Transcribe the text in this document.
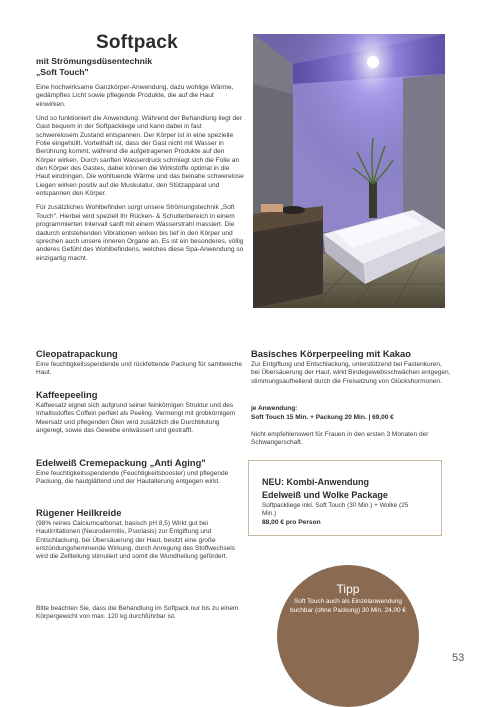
Softpack
mit Strömungsdüsentechnik
„Soft Touch"

Eine hochwirksame Ganzkörper-Anwendung, dazu wohlige Wärme, gedämpftes Licht sowie pflegende Produkte, die auf die Haut einwirken.

Und so funktioniert die Anwendung: Während der Behandlung liegt der Gast bequem in der Softpackliege und kann dabei in fast schwerelosem Zustand entspannen. Der Körper ist in eine spezielle Folie eingehüllt. Vorteilhaft ist, dass der Gast nicht mit Wasser in Berührung kommt, während die aufgetragenen Produkte auf den Körper wirken. Durch sanften Wasserdruck schmiegt sich die Folie an den Körper des Gastes, dabei können die Wirkstoffe optimal in die Haut eindringen. Die wohltuende Wärme und das beinahe schwerelose Liegen wirken positiv auf die Muskulatur, den Stützapparat und entspannen den Körper.

Für zusätzliches Wohlbefinden sorgt unsere Strömungstechnik „Soft Touch". Hierbei wird speziell Ihr Rücken- & Schulterbereich in einem programmierten Intervall sanft mit einem Wasserstrahl massiert. Die dadurch entstehenden Vibrationen wirken bis tief in den Körper und sprechen auch unsere inneren Organe an. Es ist ein besonderes, völlig anderes Gefühl des Wohlbefindens, welches diese Spa-Anwendung so einzigartig macht.

Cleopatrapackung
Eine feuchtigkeitsspendende und rückfettende Packung für samtweiche Haut.
Kaffeepeeling
Kaffeesatz eignet sich aufgrund seiner feinkörnigen Struktur und des Inhaltsstoffes Coffein perfekt als Peeling. Vermengt mit grobkörnigem Meersalz und pflegenden Ölen wird zusätzlich die Durchblutung angeregt, sowie das Gewebe entwässert und gestrafft.
Edelweiß Cremepackung „Anti Aging"
Eine feuchtigkeitsspendende (Feuchtigkeitsbooster) und pflegende Packung, die hautglättend und der Hautalterung entgegen wirkt.
Rügener Heilkreide
(98% reines Calciumcarbonat; basisch pH 8,5) Wirkt gut bei Hautirritationen (Neurodermitis, Psoriasis) zur Entgiftung und Entschlackung, bei Übersäuerung der Haut, besitzt eine große entzündungshemmende Wirkung, durch Anregung des Stoffwechsels wird die Zellteilung stimuliert und somit die Wundheilung gefördert.
Bitte beachten Sie, dass die Behandlung im Softpack nur bis zu einem Körpergewicht von max. 120 kg durchführbar ist.
Basisches Körperpeeling mit Kakao
Zur Entgiftung und Entschlackung, unterstützend bei Fastenkuren, bei Übersäuerung der Haut, wirkt Bindegewebsschwächen entgegen, stimmungsaufhellend durch die Freisetzung von Glückshormonen.
je Anwendung:
Soft Touch 15 Min. + Packung 20 Min. | 69,00 €
Nicht empfehlenswert für Frauen in den ersten 3 Monaten der Schwangerschaft.
NEU: Kombi-Anwendung
Edelweiß und Wolke Package
Softpackliege inkl. Soft Touch (30 Min.) + Wolke (25 Min.)
88,00 € pro Person
Tipp
Soft Touch auch als Einzelanwendung buchbar (ohne Packung) 30 Min. 24,00 €
53
